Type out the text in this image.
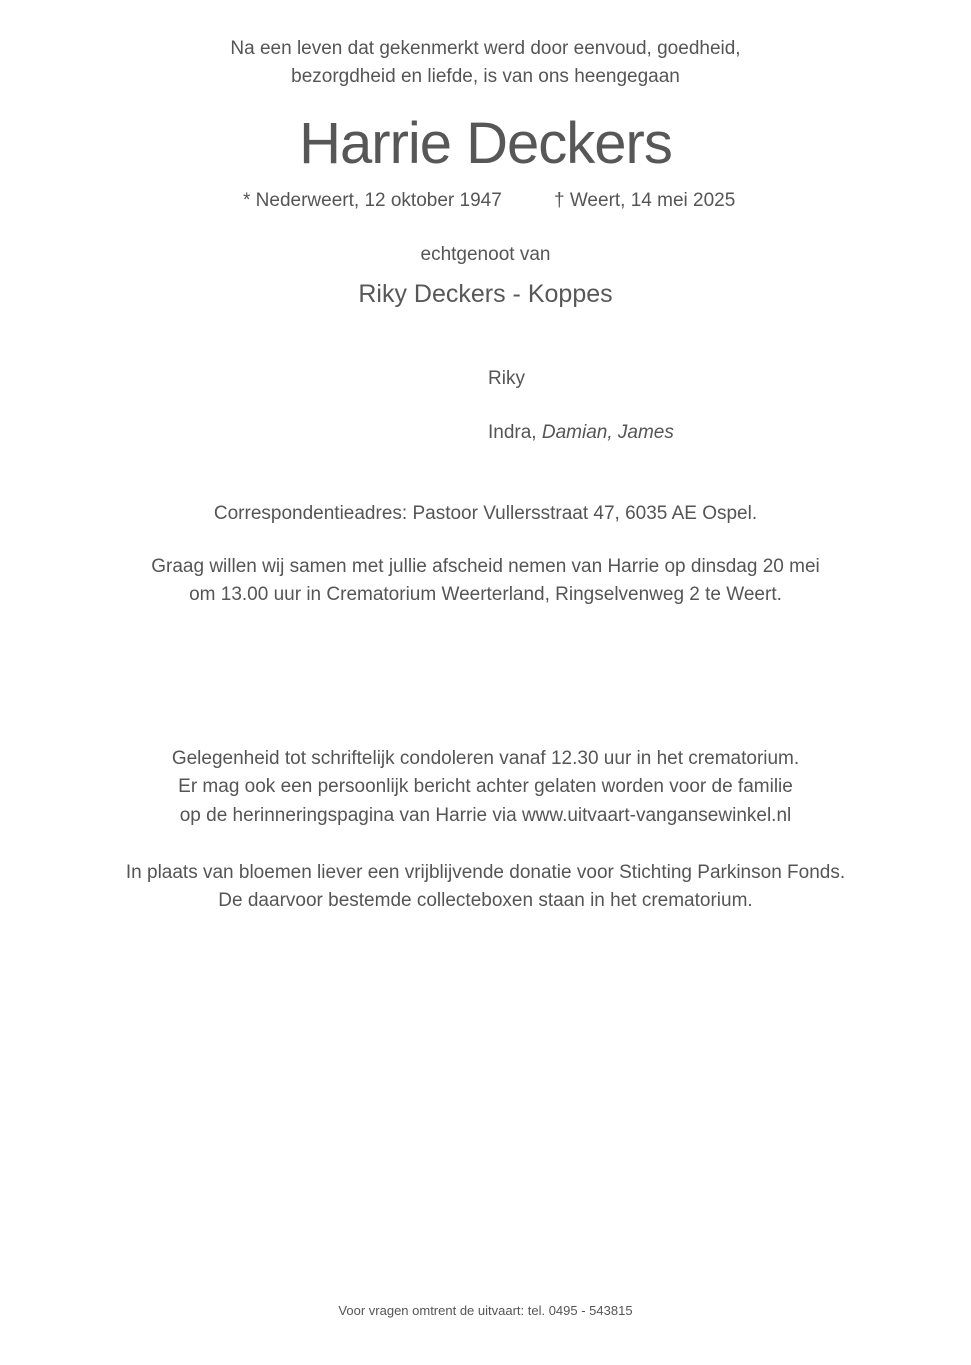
Na een leven dat gekenmerkt werd door eenvoud, goedheid,
bezorgdheid en liefde, is van ons heengegaan
Harrie Deckers
* Nederweert, 12 oktober 1947	† Weert, 14 mei 2025
echtgenoot van
Riky Deckers - Koppes
Riky
Indra, Damian, James
Correspondentieadres: Pastoor Vullersstraat 47, 6035 AE Ospel.
Graag willen wij samen met jullie afscheid nemen van Harrie op dinsdag 20 mei
om 13.00 uur in Crematorium Weerterland, Ringselvenweg 2 te Weert.
Gelegenheid tot schriftelijk condoleren vanaf 12.30 uur in het crematorium.
Er mag ook een persoonlijk bericht achter gelaten worden voor de familie
op de herinneringspagina van Harrie via www.uitvaart-vangansewinkel.nl
In plaats van bloemen liever een vrijblijvende donatie voor Stichting Parkinson Fonds.
De daarvoor bestemde collecteboxen staan in het crematorium.
Voor vragen omtrent de uitvaart: tel. 0495 - 543815
